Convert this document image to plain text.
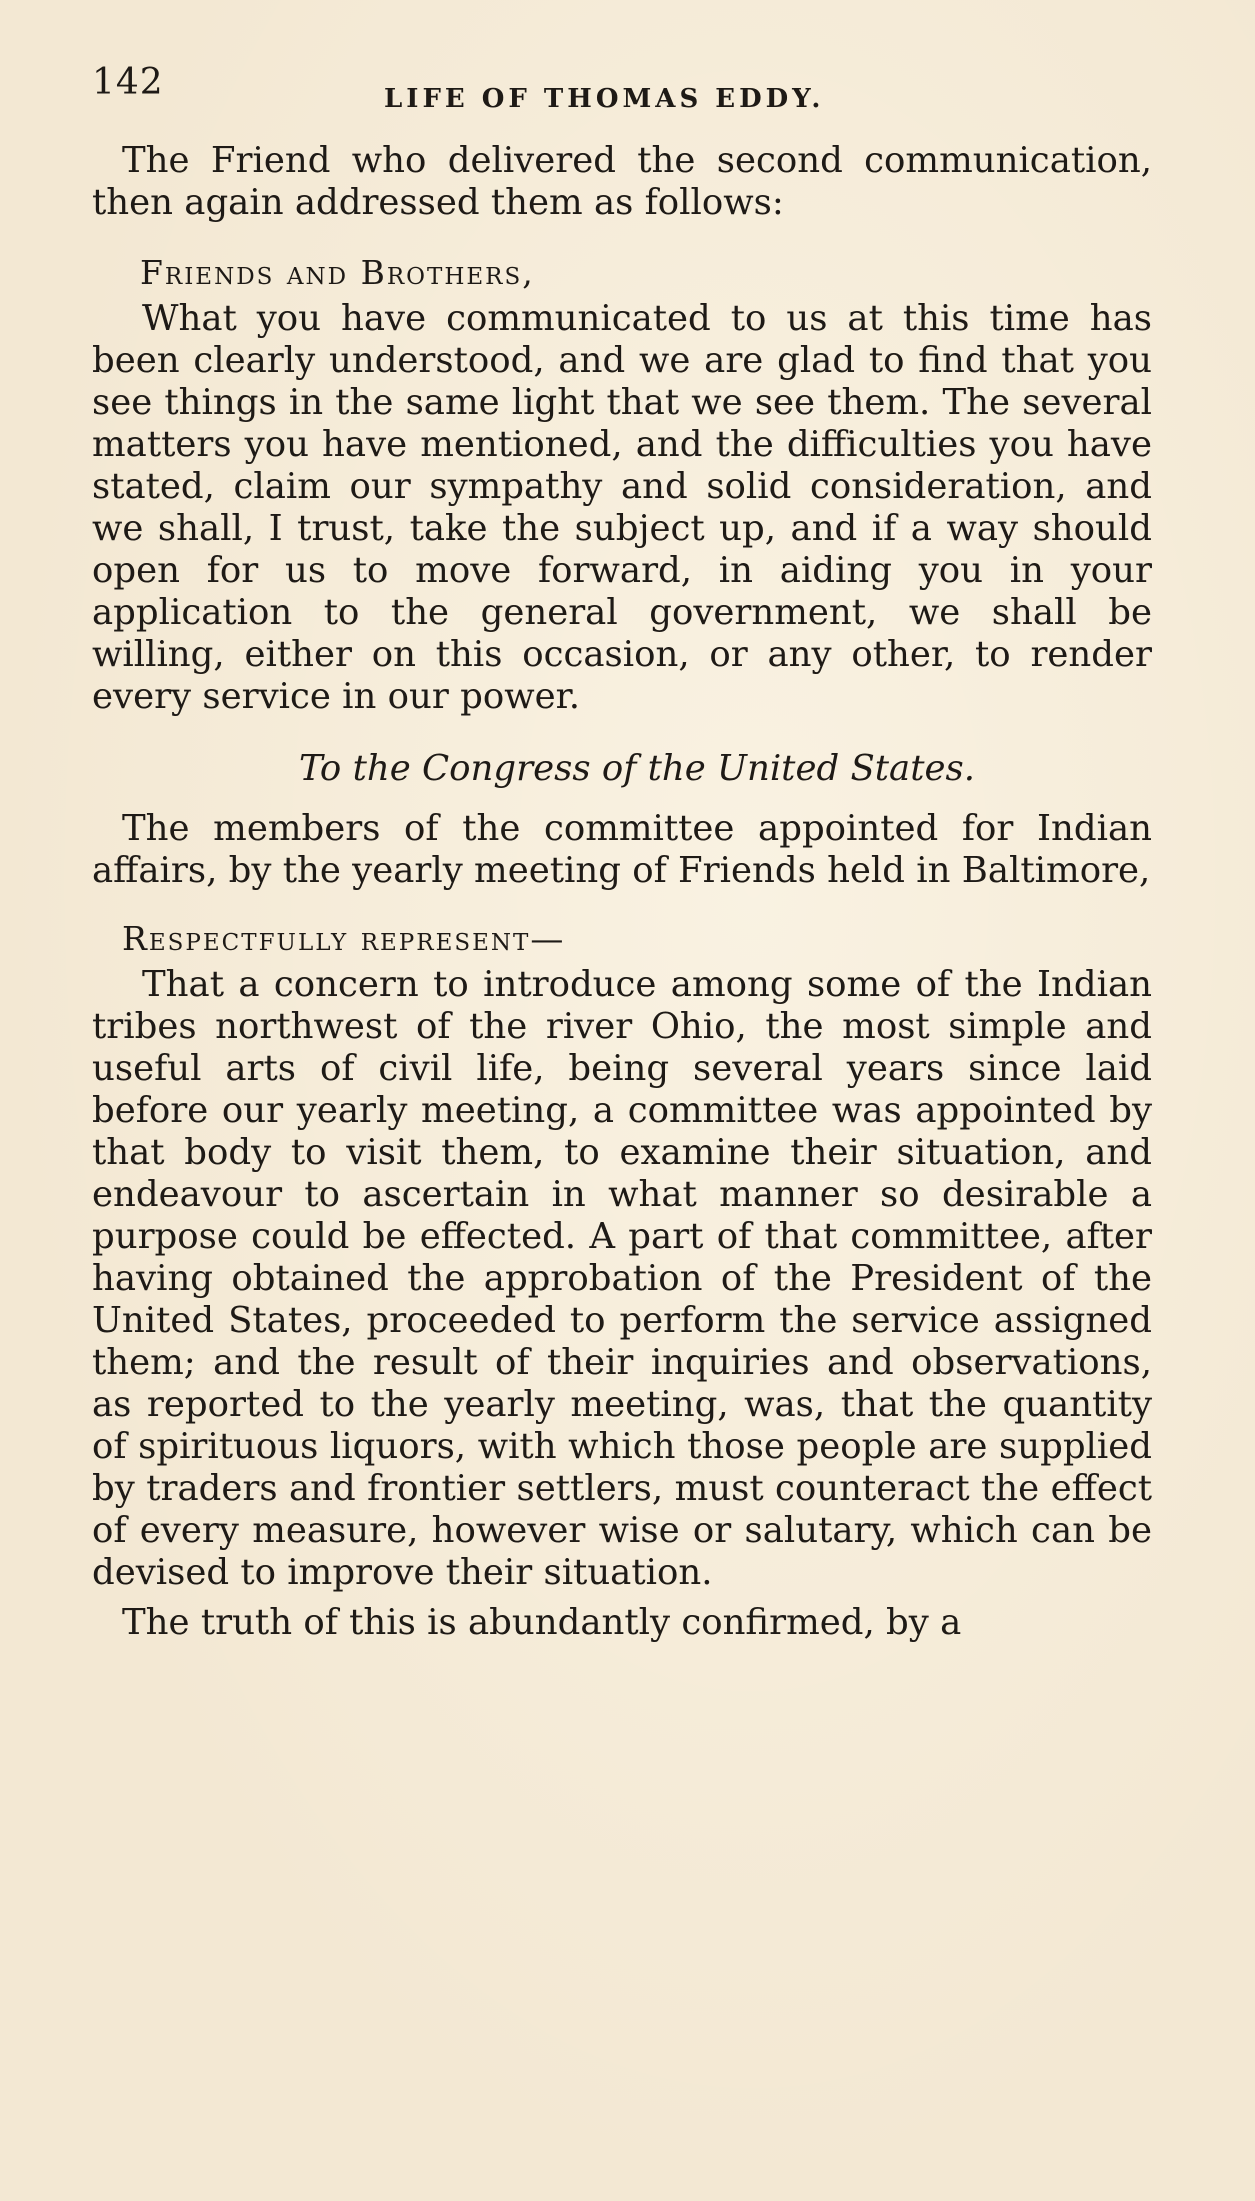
142	LIFE OF THOMAS EDDY.

The Friend who delivered the second communication, then again addressed them as follows:

Friends and Brothers,

What you have communicated to us at this time has been clearly understood, and we are glad to find that you see things in the same light that we see them. The several matters you have mentioned, and the difficulties you have stated, claim our sympathy and solid consideration, and we shall, I trust, take the subject up, and if a way should open for us to move forward, in aiding you in your application to the general government, we shall be willing, either on this occasion, or any other, to render every service in our power.

To the Congress of the United States.

The members of the committee appointed for Indian affairs, by the yearly meeting of Friends held in Baltimore,

Respectfully represent—

That a concern to introduce among some of the Indian tribes northwest of the river Ohio, the most simple and useful arts of civil life, being several years since laid before our yearly meeting, a committee was appointed by that body to visit them, to examine their situation, and endeavour to ascertain in what manner so desirable a purpose could be effected. A part of that committee, after having obtained the approbation of the President of the United States, proceeded to perform the service assigned them; and the result of their inquiries and observations, as reported to the yearly meeting, was, that the quantity of spirituous liquors, with which those people are supplied by traders and frontier settlers, must counteract the effect of every measure, however wise or salutary, which can be devised to improve their situation.

The truth of this is abundantly confirmed, by a
